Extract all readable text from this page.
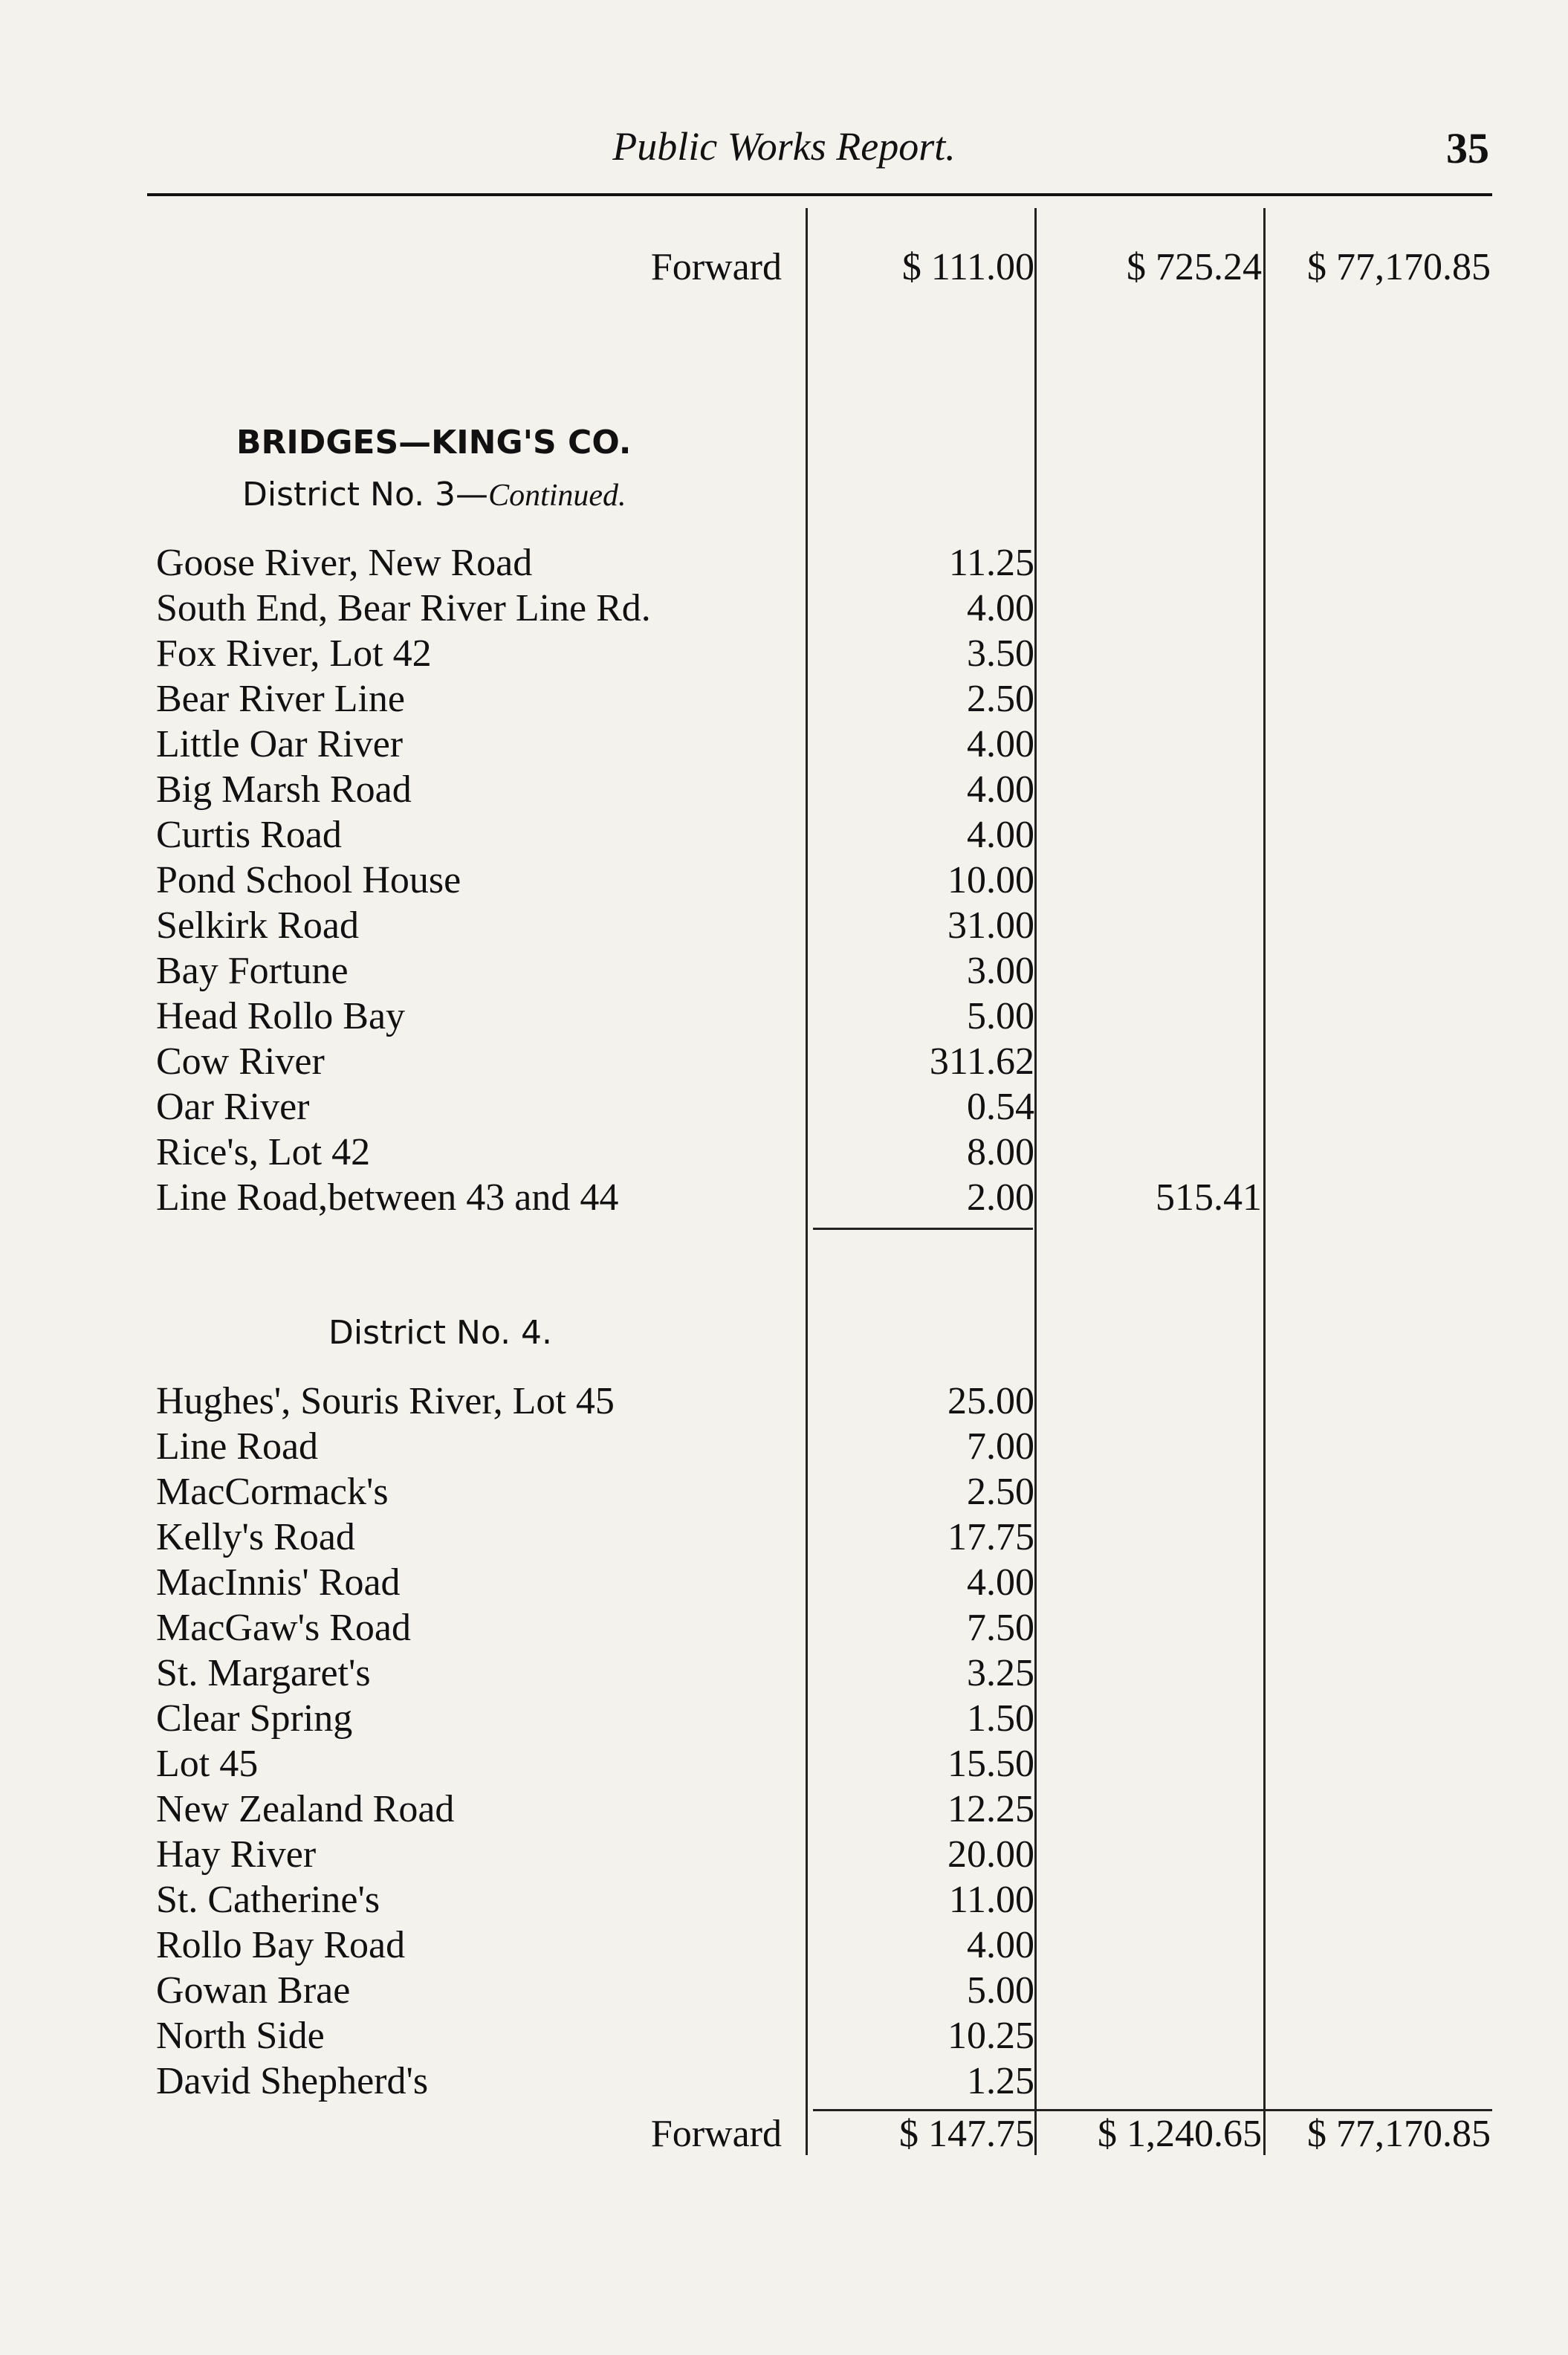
Public Works Report.	35
Forward	$ 111.00 $ 725.24 $ 77,170.85
BRIDGES—KING'S CO.
District No. 3—Continued.
Goose River, New Road	11.25
South End, Bear River Line Rd.	4.00
Fox River, Lot 42	3.50
Bear River Line	2.50
Little Oar River	4.00
Big Marsh Road	4.00
Curtis Road	4.00
Pond School House	10.00
Selkirk Road	31.00
Bay Fortune	3.00
Head Rollo Bay	5.00
Cow River	311.62
Oar River	0.54
Rice's, Lot 42	8.00
Line Road,between 43 and 44	2.00	515.41
District No. 4.
Hughes', Souris River, Lot 45	25.00
Line Road	7.00
MacCormack's	2.50
Kelly's Road	17.75
MacInnis' Road	4.00
MacGaw's Road	7.50
St. Margaret's	3.25
Clear Spring	1.50
Lot 45	15.50
New Zealand Road	12.25
Hay River	20.00
St. Catherine's	11.00
Rollo Bay Road	4.00
Gowan Brae	5.00
North Side	10.25
David Shepherd's	1.25
Forward	$ 147.75 $ 1,240.65 $ 77,170.85
